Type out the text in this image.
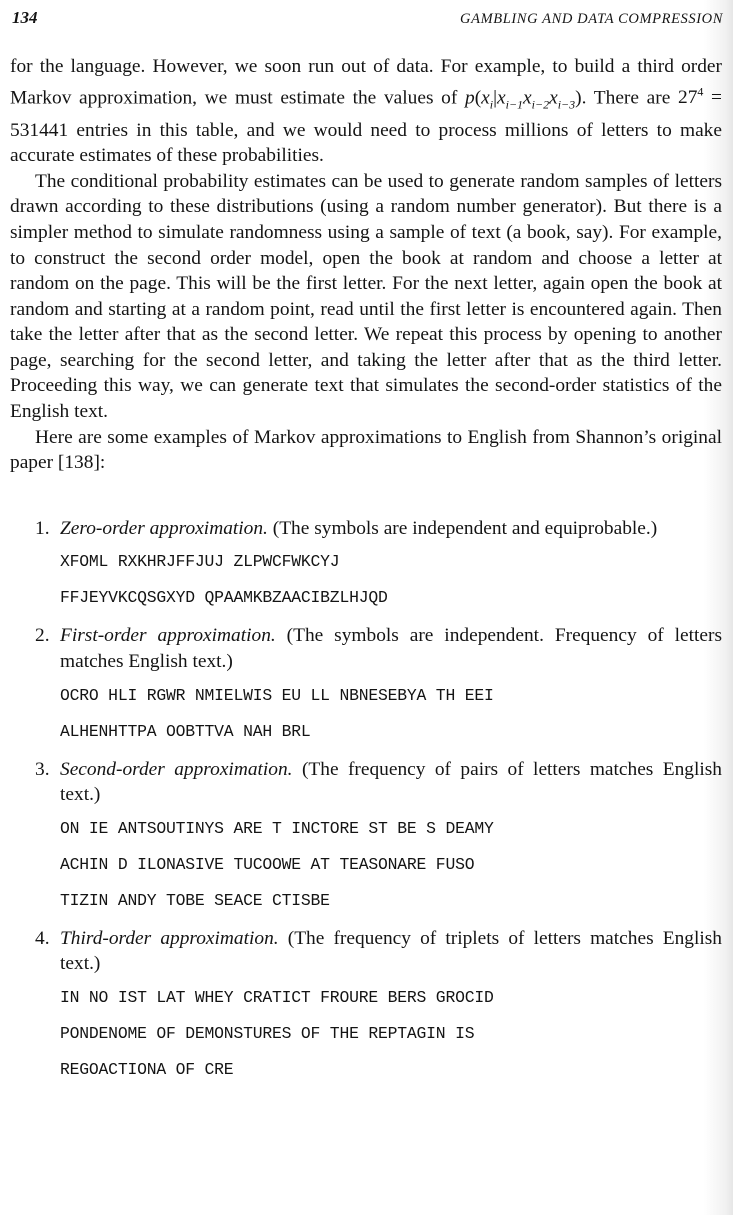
134	GAMBLING AND DATA COMPRESSION

for the language. However, we soon run out of data. For example, to build a third order Markov approximation, we must estimate the values of $p(x_i|x_{i-1}x_{i-2}x_{i-3})$. There are $27^4 = 531441$ entries in this table, and we would need to process millions of letters to make accurate estimates of these probabilities.

The conditional probability estimates can be used to generate random samples of letters drawn according to these distributions (using a random number generator). But there is a simpler method to simulate randomness using a sample of text (a book, say). For example, to construct the second order model, open the book at random and choose a letter at random on the page. This will be the first letter. For the next letter, again open the book at random and starting at a random point, read until the first letter is encountered again. Then take the letter after that as the second letter. We repeat this process by opening to another page, searching for the second letter, and taking the letter after that as the third letter. Proceeding this way, we can generate text that simulates the second-order statistics of the English text.

Here are some examples of Markov approximations to English from Shannon’s original paper [138]:

1. Zero-order approximation. (The symbols are independent and equiprobable.)
XFOML RXKHRJFFJUJ ZLPWCFWKCYJ
FFJEYVKCQSGXYD QPAAMKBZAACIBZLHJQD
2. First-order approximation. (The symbols are independent. Frequency of letters matches English text.)
OCRO HLI RGWR NMIELWIS EU LL NBNESEBYA TH EEI
ALHENHTTPA OOBTTVA NAH BRL
3. Second-order approximation. (The frequency of pairs of letters matches English text.)
ON IE ANTSOUTINYS ARE T INCTORE ST BE S DEAMY
ACHIN D ILONASIVE TUCOOWE AT TEASONARE FUSO
TIZIN ANDY TOBE SEACE CTISBE
4. Third-order approximation. (The frequency of triplets of letters matches English text.)
IN NO IST LAT WHEY CRATICT FROURE BERS GROCID
PONDENOME OF DEMONSTURES OF THE REPTAGIN IS
REGOACTIONA OF CRE
